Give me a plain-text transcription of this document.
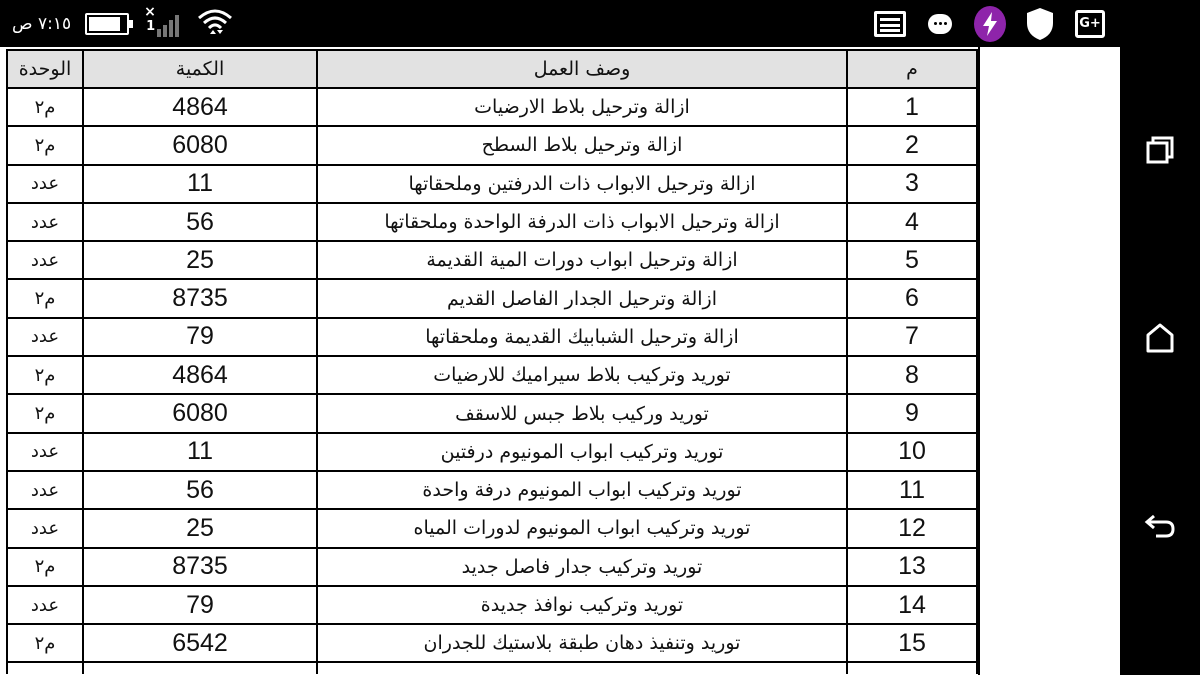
٧:١٥ ص
×
1	G+
الوحدة	الكمية	وصف العمل	م
م٢	4864	ازالة وترحيل بلاط الارضيات	1
م٢	6080	ازالة وترحيل بلاط السطح	2
عدد	11	ازالة وترحيل الابواب ذات الدرفتين وملحقاتها	3
عدد	56	ازالة وترحيل الابواب ذات الدرفة الواحدة وملحقاتها	4
عدد	25	ازالة وترحيل ابواب دورات المية القديمة	5
م٢	8735	ازالة وترحيل الجدار الفاصل القديم	6
عدد	79	ازالة وترحيل الشبابيك القديمة وملحقاتها	7
م٢	4864	توريد وتركيب بلاط سيراميك للارضيات	8
م٢	6080	توريد وركيب بلاط جبس للاسقف	9
عدد	11	توريد وتركيب ابواب المونيوم درفتين	10
عدد	56	توريد وتركيب ابواب المونيوم درفة واحدة	11
عدد	25	توريد وتركيب ابواب المونيوم لدورات المياه	12
م٢	8735	توريد وتركيب جدار فاصل جديد	13
عدد	79	توريد وتركيب نوافذ جديدة	14
م٢	6542	توريد وتنفيذ دهان طبقة بلاستيك للجدران	15
